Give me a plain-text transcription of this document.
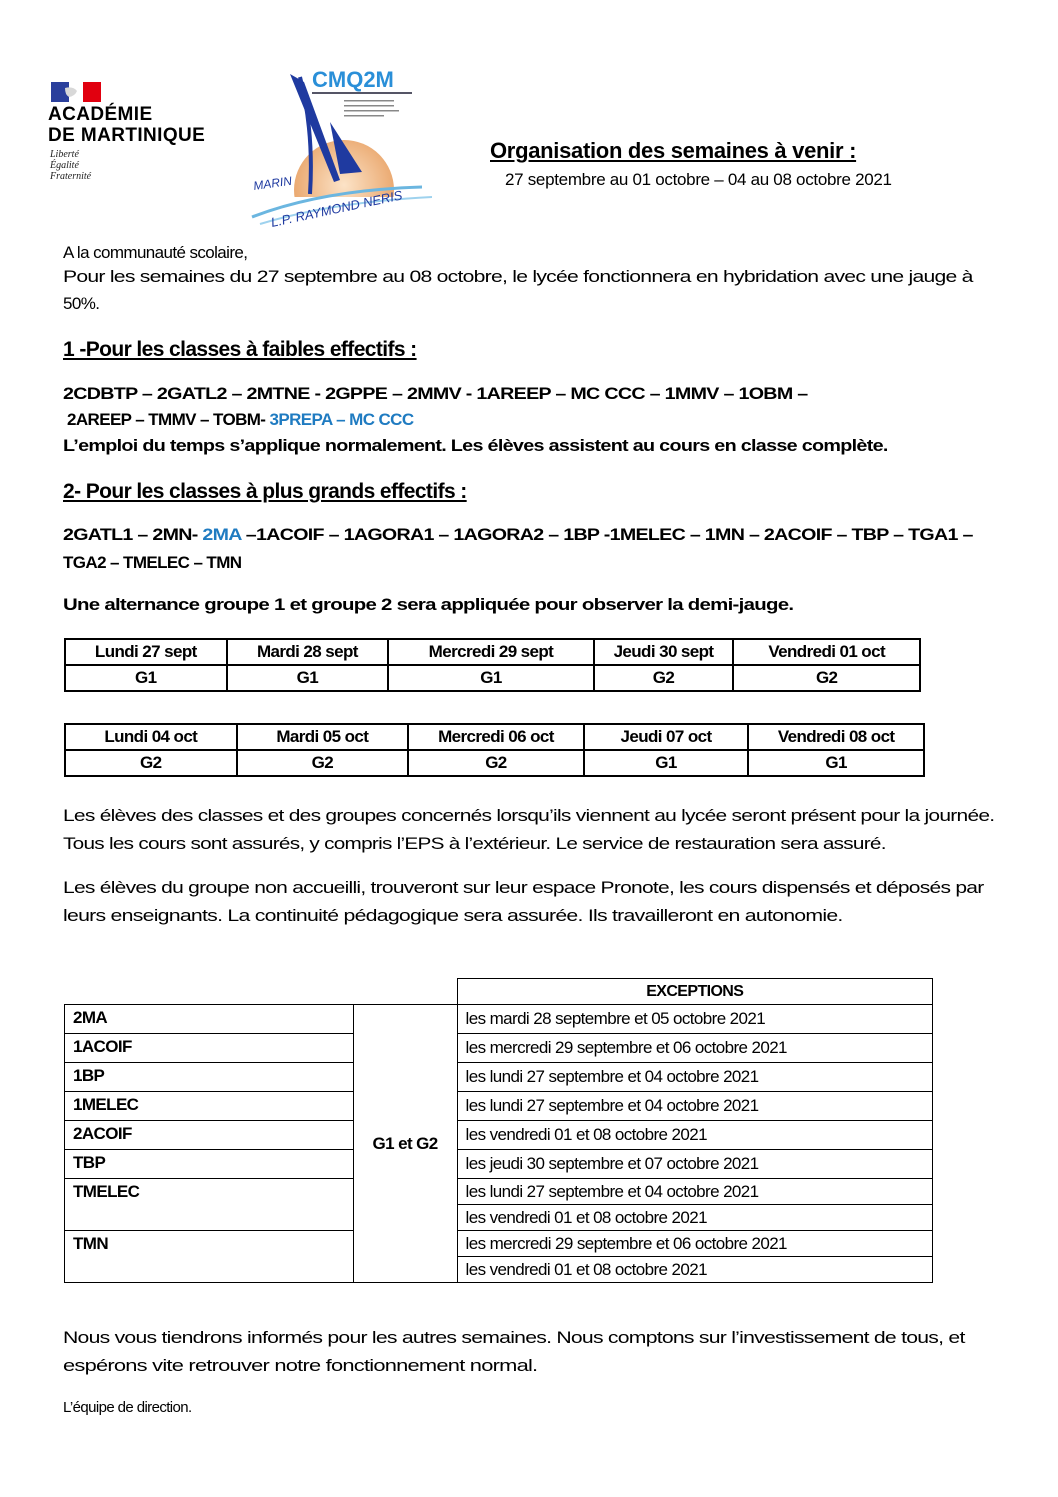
ACADÉMIE
DE MARTINIQUE
Liberté
Égalité
Fraternité
CMQ2M
MARIN
L.P. RAYMOND NERIS
Organisation des semaines à venir :
27 septembre au 01 octobre – 04 au 08 octobre 2021
A la communauté scolaire,
Pour les semaines du 27 septembre au 08 octobre, le lycée fonctionnera en hybridation avec une jauge à
50%.
1 -Pour les classes à faibles effectifs :
2CDBTP – 2GATL2 – 2MTNE - 2GPPE – 2MMV - 1AREEP – MC CCC – 1MMV – 1OBM –
2AREEP – TMMV – TOBM- 3PREPA – MC CCC
L’emploi du temps s’applique normalement. Les élèves assistent au cours en classe complète.
2- Pour les classes à plus grands effectifs :
2GATL1 – 2MN- 2MA –1ACOIF – 1AGORA1 – 1AGORA2 – 1BP -1MELEC – 1MN – 2ACOIF – TBP – TGA1 –
TGA2 – TMELEC – TMN
Une alternance groupe 1 et groupe 2 sera appliquée pour observer la demi-jauge.
Lundi 27 sept	Mardi 28 sept	Mercredi 29 sept	Jeudi 30 sept	Vendredi 01 oct
G1	G1	G1	G2	G2
Lundi 04 oct	Mardi 05 oct	Mercredi 06 oct	Jeudi 07 oct	Vendredi 08 oct
G2	G2	G2	G1	G1
Les élèves des classes et des groupes concernés lorsqu’ils viennent au lycée seront présent pour la journée.
Tous les cours sont assurés, y compris l’EPS à l’extérieur. Le service de restauration sera assuré.
Les élèves du groupe non accueilli, trouveront sur leur espace Pronote, les cours dispensés et déposés par
leurs enseignants. La continuité pédagogique sera assurée. Ils travailleront en autonomie.
		EXCEPTIONS
2MA	G1 et G2	les mardi 28 septembre et 05 octobre 2021
1ACOIF		les mercredi 29 septembre et 06 octobre 2021
1BP		les lundi 27 septembre et 04 octobre 2021
1MELEC		les lundi 27 septembre et 04 octobre 2021
2ACOIF		les vendredi 01 et 08 octobre 2021
TBP		les jeudi 30 septembre et 07 octobre 2021
TMELEC		les lundi 27 septembre et 04 octobre 2021
		les vendredi 01 et 08 octobre 2021
TMN		les mercredi 29 septembre et 06 octobre 2021
		les vendredi 01 et 08 octobre 2021
Nous vous tiendrons informés pour les autres semaines. Nous comptons sur l’investissement de tous, et
espérons vite retrouver notre fonctionnement normal.
L’équipe de direction.
